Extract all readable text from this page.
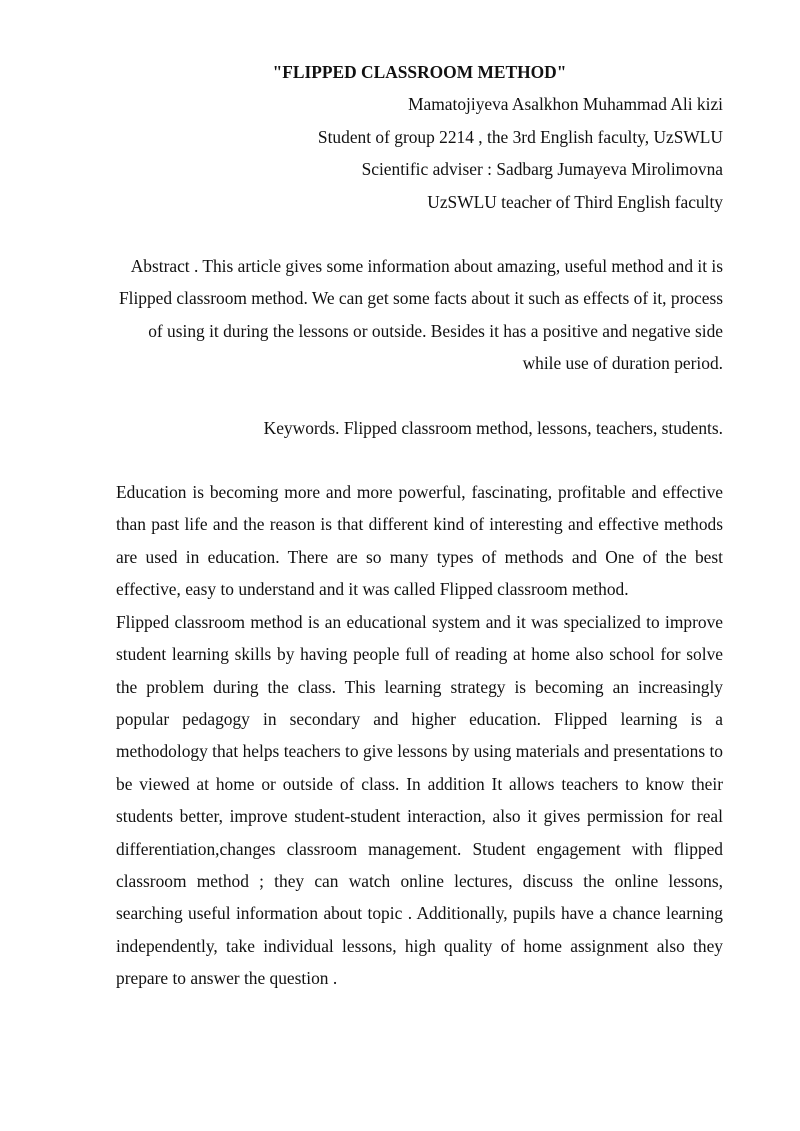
"FLIPPED CLASSROOM METHOD"

Mamatojiyeva Asalkhon Muhammad Ali kizi

Student of group 2214 , the 3rd English faculty, UzSWLU

Scientific adviser : Sadbarg Jumayeva Mirolimovna

UzSWLU teacher of Third English faculty

Abstract . This article gives some information about amazing, useful method and it is Flipped classroom method. We can get some facts about it such as effects of it, process of using it during the lessons or outside. Besides it has a positive and negative side while use of duration period.

Keywords. Flipped classroom method, lessons, teachers, students.

Education is becoming more and more powerful, fascinating, profitable and effective than past life and the reason is that different kind of interesting and effective methods are used in education. There are so many types of methods and One of the best effective, easy to understand and it was called Flipped classroom method.

Flipped classroom method is an educational system and it was specialized to improve student learning skills by having people full of reading at home also school for solve the problem during the class. This learning strategy is becoming an increasingly popular pedagogy in secondary and higher education. Flipped learning is a methodology that helps teachers to give lessons by using materials and presentations to be viewed at home or outside of class. In addition It allows teachers to know their students better, improve student-student interaction, also it gives permission for real differentiation,changes classroom management. Student engagement with flipped classroom method ; they can watch online lectures, discuss the online lessons, searching useful information about topic . Additionally, pupils have a chance learning independently, take individual lessons, high quality of home assignment also they prepare to answer the question .
